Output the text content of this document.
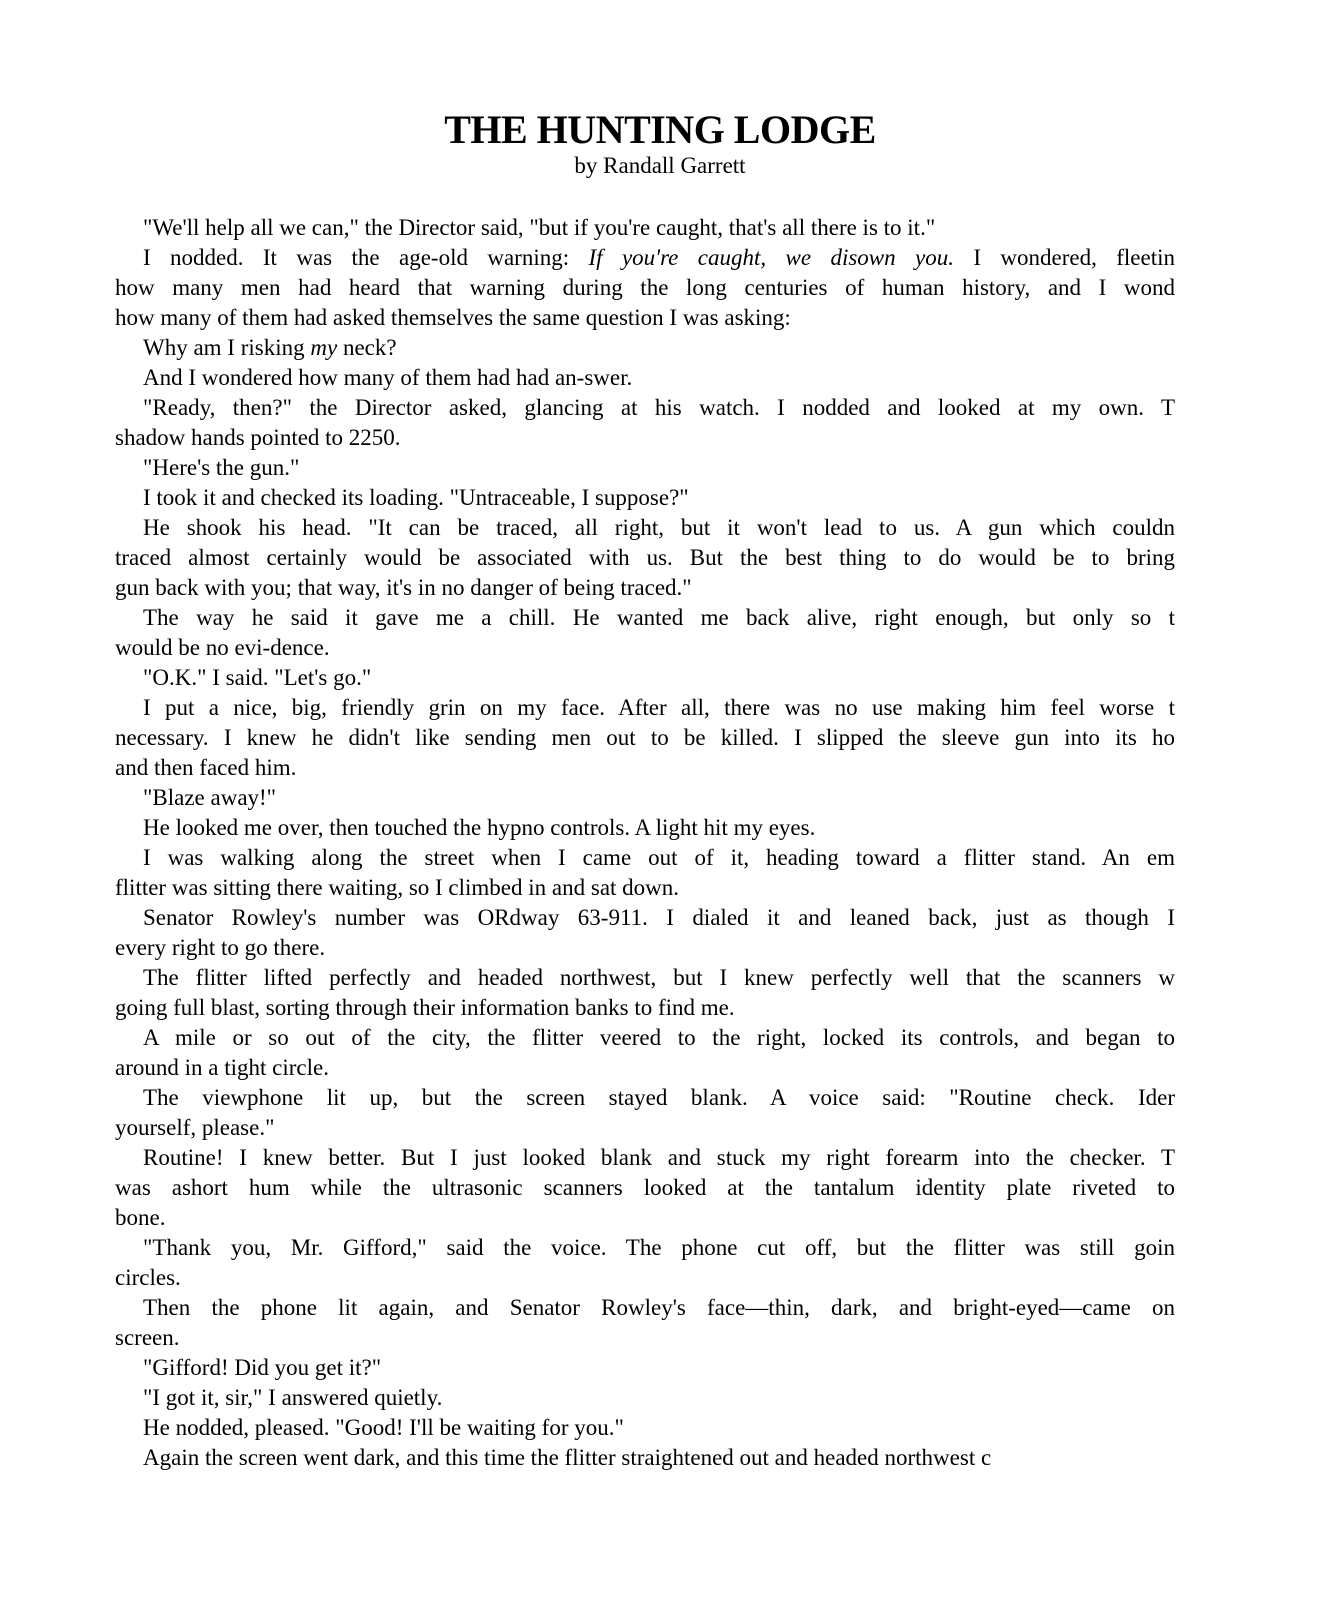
THE HUNTING LODGE
by Randall Garrett

"We'll help all we can," the Director said, "but if you're caught, that's all there is to it."

I nodded. It was the age-old warning: If you're caught, we disown you. I wondered, fleetin
how many men had heard that warning during the long centuries of human history, and I wond
how many of them had asked themselves the same question I was asking:

Why am I risking my neck?

And I wondered how many of them had had an-swer.

"Ready, then?" the Director asked, glancing at his watch. I nodded and looked at my own. T
shadow hands pointed to 2250.

"Here's the gun."

I took it and checked its loading. "Untraceable, I suppose?"

He shook his head. "It can be traced, all right, but it won't lead to us. A gun which couldn
traced almost certainly would be associated with us. But the best thing to do would be to bring
gun back with you; that way, it's in no danger of being traced."

The way he said it gave me a chill. He wanted me back alive, right enough, but only so t
would be no evi-dence.

"O.K." I said. "Let's go."

I put a nice, big, friendly grin on my face. After all, there was no use making him feel worse t
necessary. I knew he didn't like sending men out to be killed. I slipped the sleeve gun into its ho
and then faced him.

"Blaze away!"

He looked me over, then touched the hypno controls. A light hit my eyes.

I was walking along the street when I came out of it, heading toward a flitter stand. An em
flitter was sitting there waiting, so I climbed in and sat down.

Senator Rowley's number was ORdway 63-911. I dialed it and leaned back, just as though I
every right to go there.

The flitter lifted perfectly and headed northwest, but I knew perfectly well that the scanners w
going full blast, sorting through their information banks to find me.

A mile or so out of the city, the flitter veered to the right, locked its controls, and began to
around in a tight circle.

The viewphone lit up, but the screen stayed blank. A voice said: "Routine check. Ider
yourself, please."

Routine! I knew better. But I just looked blank and stuck my right forearm into the checker. T
was ashort hum while the ultrasonic scanners looked at the tantalum identity plate riveted to
bone.

"Thank you, Mr. Gifford," said the voice. The phone cut off, but the flitter was still goin
circles.

Then the phone lit again, and Senator Rowley's face—thin, dark, and bright-eyed—came on
screen.

"Gifford! Did you get it?"

"I got it, sir," I answered quietly.

He nodded, pleased. "Good! I'll be waiting for you."

Again the screen went dark, and this time the flitter straightened out and headed northwest c
